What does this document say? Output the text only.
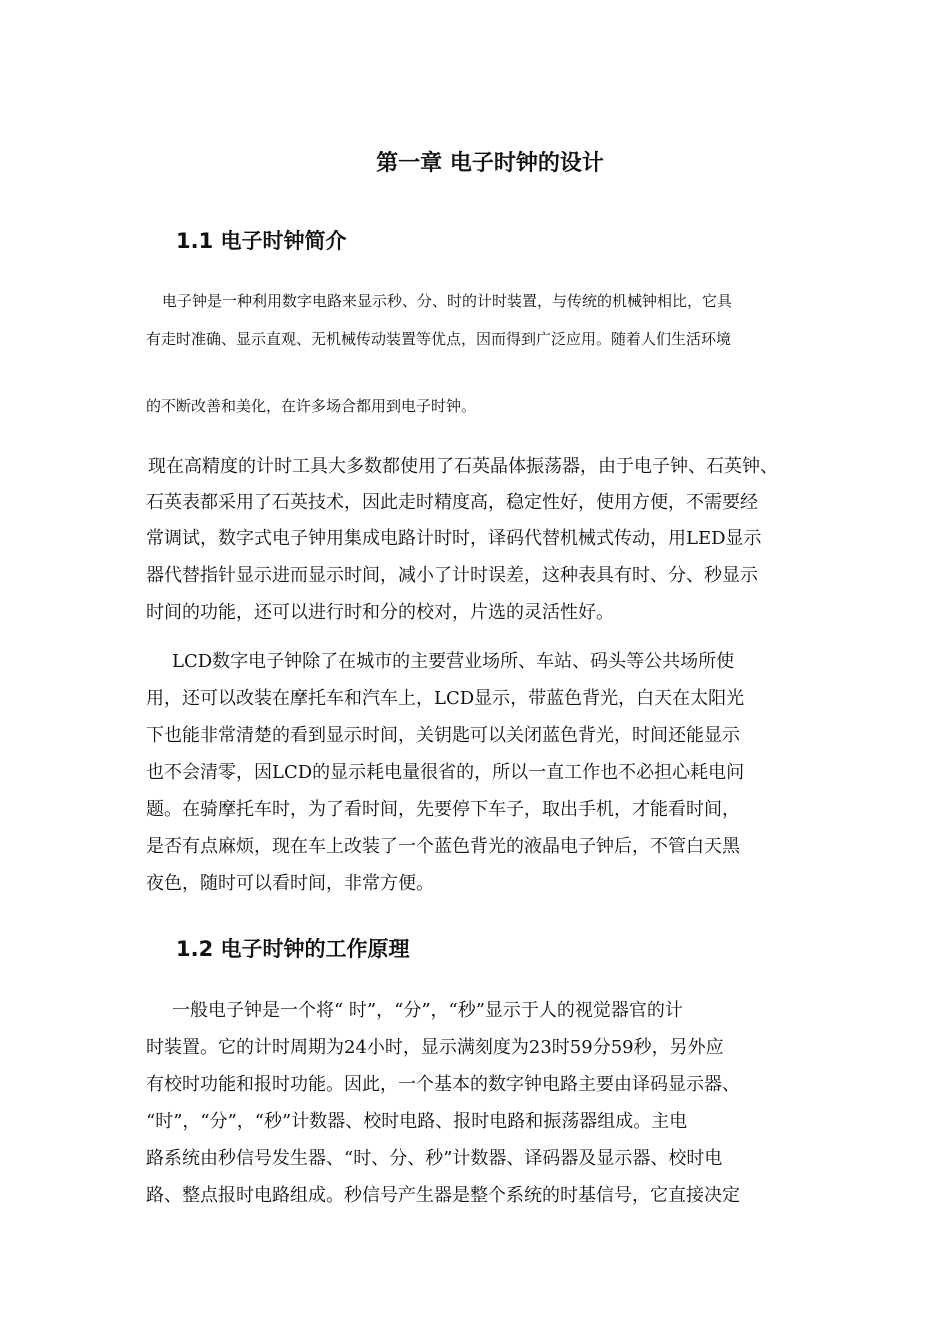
第一章 电子时钟的设计
1.1 电子时钟简介
电子钟是一种利用数字电路来显示秒、分、时的计时装置，与传统的机械钟相比，它具
有走时准确、显示直观、无机械传动装置等优点，因而得到广泛应用。随着人们生活环境
的不断改善和美化，在许多场合都用到电子时钟。
现在高精度的计时工具大多数都使用了石英晶体振荡器，由于电子钟、石英钟、
石英表都采用了石英技术，因此走时精度高，稳定性好，使用方便，不需要经
常调试，数字式电子钟用集成电路计时时，译码代替机械式传动，用LED显示
器代替指针显示进而显示时间，减小了计时误差，这种表具有时、分、秒显示
时间的功能，还可以进行时和分的校对，片选的灵活性好。
LCD数字电子钟除了在城市的主要营业场所、车站、码头等公共场所使
用，还可以改装在摩托车和汽车上，LCD显示，带蓝色背光，白天在太阳光
下也能非常清楚的看到显示时间，关钥匙可以关闭蓝色背光，时间还能显示
也不会清零，因LCD的显示耗电量很省的，所以一直工作也不必担心耗电问
题。在骑摩托车时，为了看时间，先要停下车子，取出手机，才能看时间，
是否有点麻烦，现在车上改装了一个蓝色背光的液晶电子钟后，不管白天黑
夜色，随时可以看时间，非常方便。
1.2 电子时钟的工作原理
一般电子钟是一个将“ 时”，“分”，“秒”显示于人的视觉器官的计
时装置。它的计时周期为24小时，显示满刻度为23时59分59秒，另外应
有校时功能和报时功能。因此，一个基本的数字钟电路主要由译码显示器、
“时”，“分”，“秒”计数器、校时电路、报时电路和振荡器组成。主电
路系统由秒信号发生器、“时、分、秒”计数器、译码器及显示器、校时电
路、整点报时电路组成。秒信号产生器是整个系统的时基信号，它直接决定
